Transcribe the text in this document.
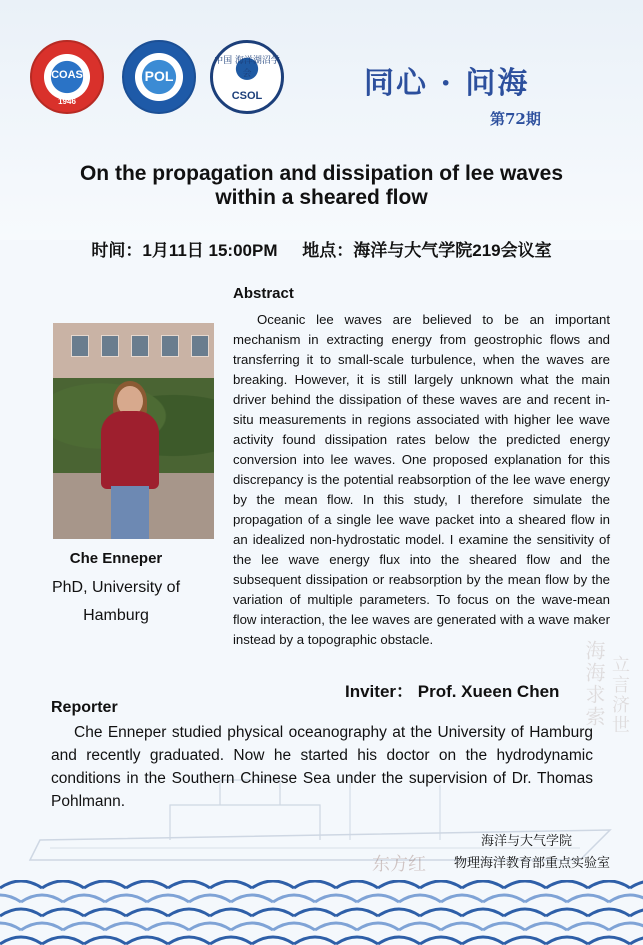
COAS
1946
POL
中国 海洋湖沼学会
CSOL	同心 · 问海
第72期
On the propagation and dissipation of lee waves
within a sheared flow
时间：1月11日 15:00PM 地点：海洋与大气学院219会议室
Abstract
Oceanic lee waves are believed to be an important mechanism in extracting energy from geostrophic flows and transferring it to small-scale turbulence, when the waves are breaking. However, it is still largely unknown what the main driver behind the dissipation of these waves are and recent in-situ measurements in regions associated with higher lee wave activity found dissipation rates below the predicted energy conversion into lee waves. One proposed explanation for this discrepancy is the potential reabsorption of the lee wave energy by the mean flow. In this study, I therefore simulate the propagation of a single lee wave packet into a sheared flow in an idealized non-hydrostatic model. I examine the sensitivity of the lee wave energy flux into the sheared flow and the subsequent dissipation or reabsorption by the mean flow by the variation of multiple parameters. To focus on the wave-mean flow interaction, the lee waves are generated with a wave maker instead by a topographic obstacle.
Che Enneper
PhD, University of
Hamburg
海海求索 立言济世
Inviter： Prof. Xueen Chen
Reporter
Che Enneper studied physical oceanography at the University of Hamburg and recently graduated. Now he started his doctor on the hydrodynamic conditions in the Southern Chinese Sea under the supervision of Dr. Thomas Pohlmann.
东方红
海洋与大气学院
物理海洋教育部重点实验室
